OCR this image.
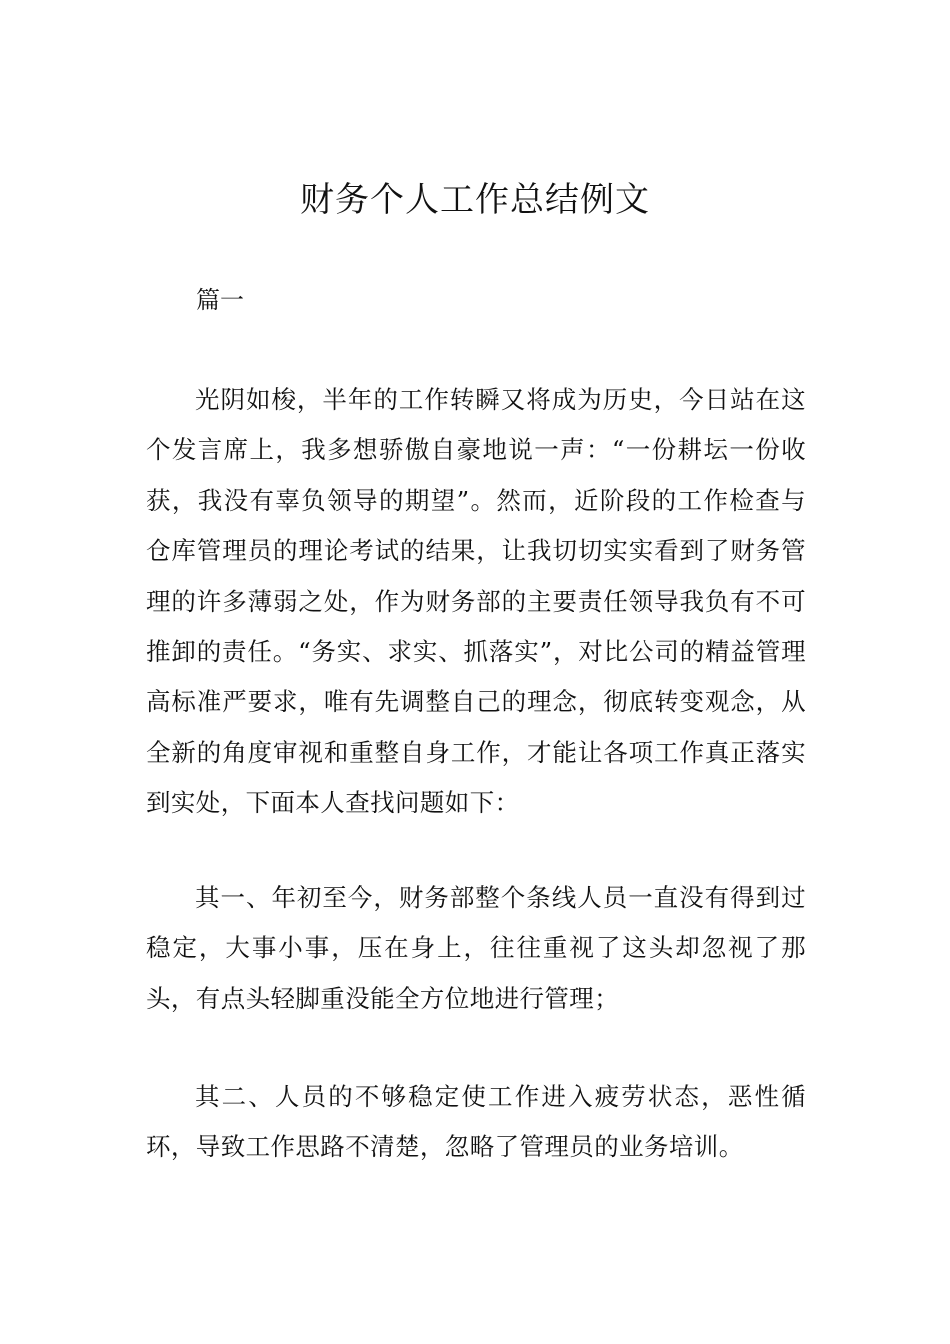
财务个人工作总结例文

篇一

光阴如梭，半年的工作转瞬又将成为历史，今日站在这个发言席上，我多想骄傲自豪地说一声：“一份耕坛一份收获，我没有辜负领导的期望”。然而，近阶段的工作检查与仓库管理员的理论考试的结果，让我切切实实看到了财务管理的许多薄弱之处，作为财务部的主要责任领导我负有不可推卸的责任。“务实、求实、抓落实”，对比公司的精益管理高标准严要求，唯有先调整自己的理念，彻底转变观念，从全新的角度审视和重整自身工作，才能让各项工作真正落实到实处，下面本人查找问题如下：

其一、年初至今，财务部整个条线人员一直没有得到过稳定，大事小事，压在身上，往往重视了这头却忽视了那头，有点头轻脚重没能全方位地进行管理；

其二、人员的不够稳定使工作进入疲劳状态，恶性循环，导致工作思路不清楚，忽略了管理员的业务培训。
